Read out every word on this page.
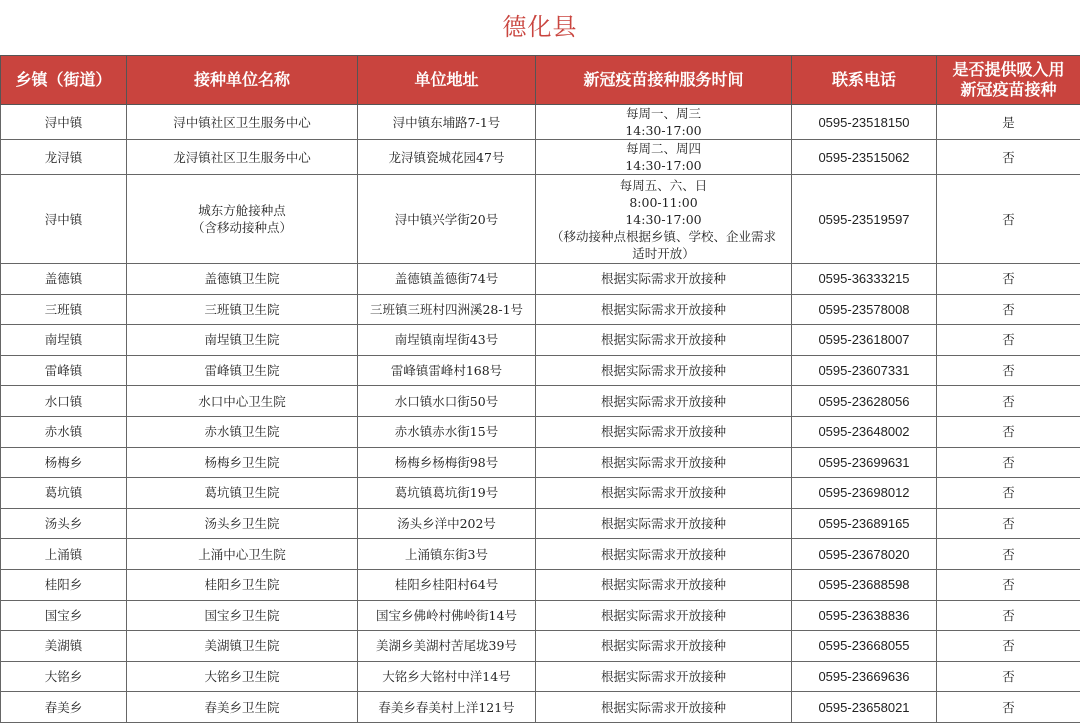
德化县
乡镇（街道）	接种单位名称	单位地址	新冠疫苗接种服务时间	联系电话	是否提供吸入用
新冠疫苗接种

浔中镇	浔中镇社区卫生服务中心	浔中镇东埔路7-1号	每周一、周三
14:30-17:00	0595-23518150	是
龙浔镇	龙浔镇社区卫生服务中心	龙浔镇瓷城花园47号	每周二、周四
14:30-17:00	0595-23515062	否
浔中镇	城东方舱接种点
（含移动接种点）	浔中镇兴学街20号	每周五、六、日
8:00-11:00
14:30-17:00
（移动接种点根据乡镇、学校、企业需求
适时开放）	0595-23519597	否
盖德镇	盖德镇卫生院	盖德镇盖德街74号	根据实际需求开放接种	0595-36333215	否
三班镇	三班镇卫生院	三班镇三班村四洲溪28-1号	根据实际需求开放接种	0595-23578008	否
南埕镇	南埕镇卫生院	南埕镇南埕街43号	根据实际需求开放接种	0595-23618007	否
雷峰镇	雷峰镇卫生院	雷峰镇雷峰村168号	根据实际需求开放接种	0595-23607331	否
水口镇	水口中心卫生院	水口镇水口街50号	根据实际需求开放接种	0595-23628056	否
赤水镇	赤水镇卫生院	赤水镇赤水街15号	根据实际需求开放接种	0595-23648002	否
杨梅乡	杨梅乡卫生院	杨梅乡杨梅街98号	根据实际需求开放接种	0595-23699631	否
葛坑镇	葛坑镇卫生院	葛坑镇葛坑街19号	根据实际需求开放接种	0595-23698012	否
汤头乡	汤头乡卫生院	汤头乡洋中202号	根据实际需求开放接种	0595-23689165	否
上涌镇	上涌中心卫生院	上涌镇东街3号	根据实际需求开放接种	0595-23678020	否
桂阳乡	桂阳乡卫生院	桂阳乡桂阳村64号	根据实际需求开放接种	0595-23688598	否
国宝乡	国宝乡卫生院	国宝乡佛岭村佛岭街14号	根据实际需求开放接种	0595-23638836	否
美湖镇	美湖镇卫生院	美湖乡美湖村苦尾垅39号	根据实际需求开放接种	0595-23668055	否
大铭乡	大铭乡卫生院	大铭乡大铭村中洋14号	根据实际需求开放接种	0595-23669636	否
春美乡	春美乡卫生院	春美乡春美村上洋121号	根据实际需求开放接种	0595-23658021	否
